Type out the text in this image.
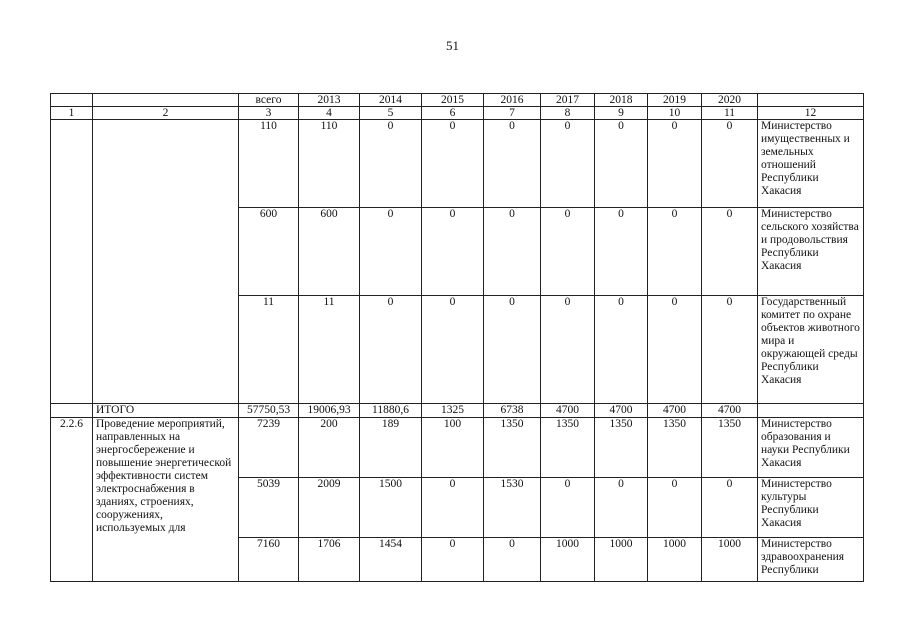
51
		всего	2013	2014	2015	2016	2017	2018	2019	2020	
1	2	3	4	5	6	7	8	9	10	11	12
		110	110	0	0	0	0	0	0	0	Министерство имущественных и земельных отношений Республики Хакасия
		600	600	0	0	0	0	0	0	0	Министерство сельского хозяйства и продовольствия Республики Хакасия
		11	11	0	0	0	0	0	0	0	Государственный комитет по охране объектов животного мира и окружающей среды Республики Хакасия
	ИТОГО	57750,53	19006,93	11880,6	1325	6738	4700	4700	4700	4700	
2.2.6	Проведение мероприятий, направленных на энергосбережение и повышение энергетической эффективности систем электроснабжения в зданиях, строениях, сооружениях, используемых для	7239	200	189	100	1350	1350	1350	1350	1350	Министерство образования и науки Республики Хакасия
		5039	2009	1500	0	1530	0	0	0	0	Министерство культуры Республики Хакасия
		7160	1706	1454	0	0	1000	1000	1000	1000	Министерство здравоохранения Республики
